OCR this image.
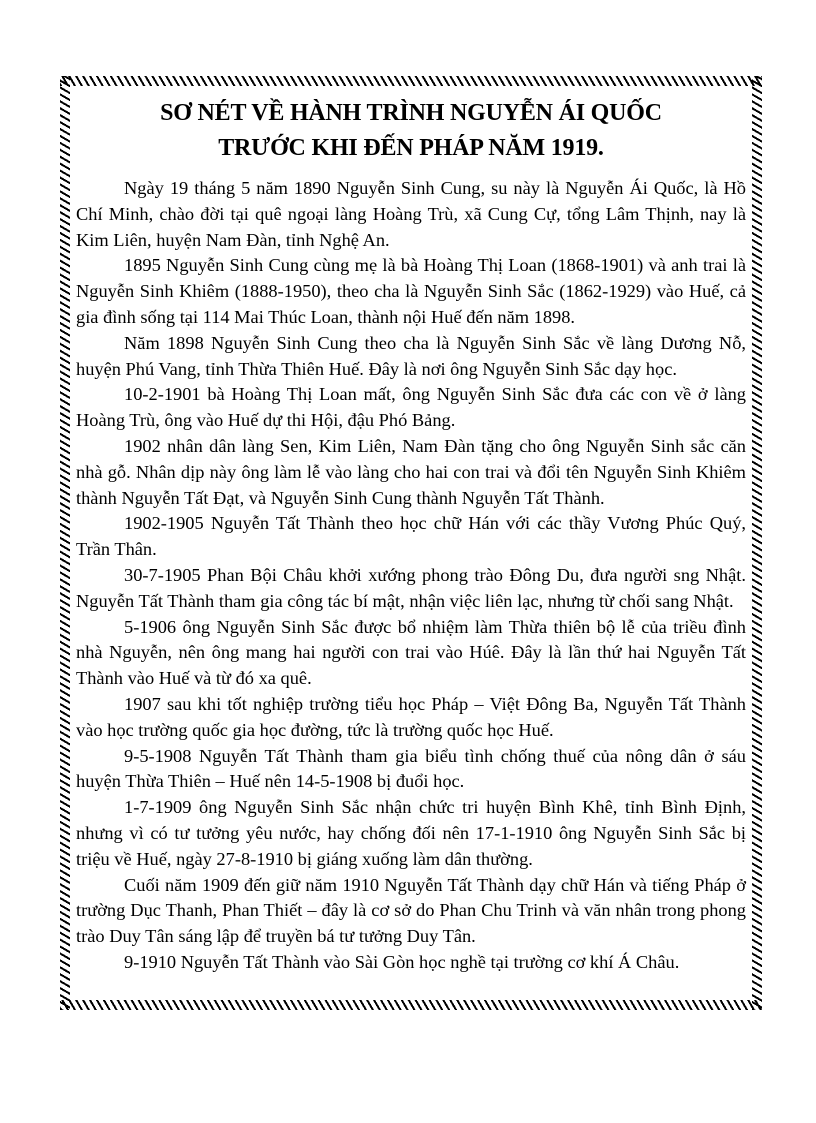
SƠ NÉT VỀ HÀNH TRÌNH NGUYỄN ÁI QUỐC
TRƯỚC KHI ĐẾN PHÁP NĂM 1919.

Ngày 19 tháng 5 năm 1890 Nguyễn Sinh Cung, su này là Nguyễn Ái Quốc, là Hồ Chí Minh, chào đời tại quê ngoại làng Hoàng Trù, xã Cung Cự, tổng Lâm Thịnh, nay là Kim Liên, huyện Nam Đàn, tỉnh Nghệ An.

1895 Nguyễn Sinh Cung cùng mẹ là bà Hoàng Thị Loan (1868-1901) và anh trai là Nguyễn Sinh Khiêm (1888-1950), theo cha là Nguyễn Sinh Sắc (1862-1929) vào Huế, cả gia đình sống tại 114 Mai Thúc Loan, thành nội Huế đến năm 1898.

Năm 1898 Nguyễn Sinh Cung theo cha là Nguyễn Sinh Sắc về làng Dương Nỗ, huyện Phú Vang, tỉnh Thừa Thiên Huế. Đây là nơi ông Nguyễn Sinh Sắc dạy học.

10-2-1901 bà Hoàng Thị Loan mất, ông Nguyễn Sinh Sắc đưa các con về ở làng Hoàng Trù, ông vào Huế dự thi Hội, đậu Phó Bảng.

1902 nhân dân làng Sen, Kim Liên, Nam Đàn tặng cho ông Nguyễn Sinh sắc căn nhà gỗ. Nhân dịp này ông làm lễ vào làng cho hai con trai và đổi tên Nguyễn Sinh Khiêm thành Nguyễn Tất Đạt, và Nguyễn Sinh Cung thành Nguyễn Tất Thành.

1902-1905 Nguyễn Tất Thành theo học chữ Hán với các thầy Vương Phúc Quý, Trần Thân.

30-7-1905 Phan Bội Châu khởi xướng phong trào Đông Du, đưa người sng Nhật. Nguyễn Tất Thành tham gia công tác bí mật, nhận việc liên lạc, nhưng từ chối sang Nhật.

5-1906 ông Nguyễn Sinh Sắc được bổ nhiệm làm Thừa thiên bộ lễ của triều đình nhà Nguyễn, nên ông mang hai người con trai vào Húê. Đây là lần thứ hai Nguyễn Tất Thành vào Huế và từ đó xa quê.

1907 sau khi tốt nghiệp trường tiểu học Pháp – Việt Đông Ba, Nguyễn Tất Thành vào học trường quốc gia học đường, tức là trường quốc học Huế.

9-5-1908 Nguyễn Tất Thành tham gia biểu tình chống thuế của nông dân ở sáu huyện Thừa Thiên – Huế nên 14-5-1908 bị đuổi học.

1-7-1909 ông Nguyễn Sinh Sắc nhận chức tri huyện Bình Khê, tỉnh Bình Định, nhưng vì có tư tưởng yêu nước, hay chống đối nên 17-1-1910 ông Nguyễn Sinh Sắc bị triệu về Huế, ngày 27-8-1910 bị giáng xuống làm dân thường.

Cuối năm 1909 đến giữ năm 1910 Nguyễn Tất Thành dạy chữ Hán và tiếng Pháp ở trường Dục Thanh, Phan Thiết – đây là cơ sở do Phan Chu Trinh và văn nhân trong phong trào Duy Tân sáng lập để truyền bá tư tưởng Duy Tân.

9-1910 Nguyễn Tất Thành vào Sài Gòn học nghề tại trường cơ khí Á Châu.
